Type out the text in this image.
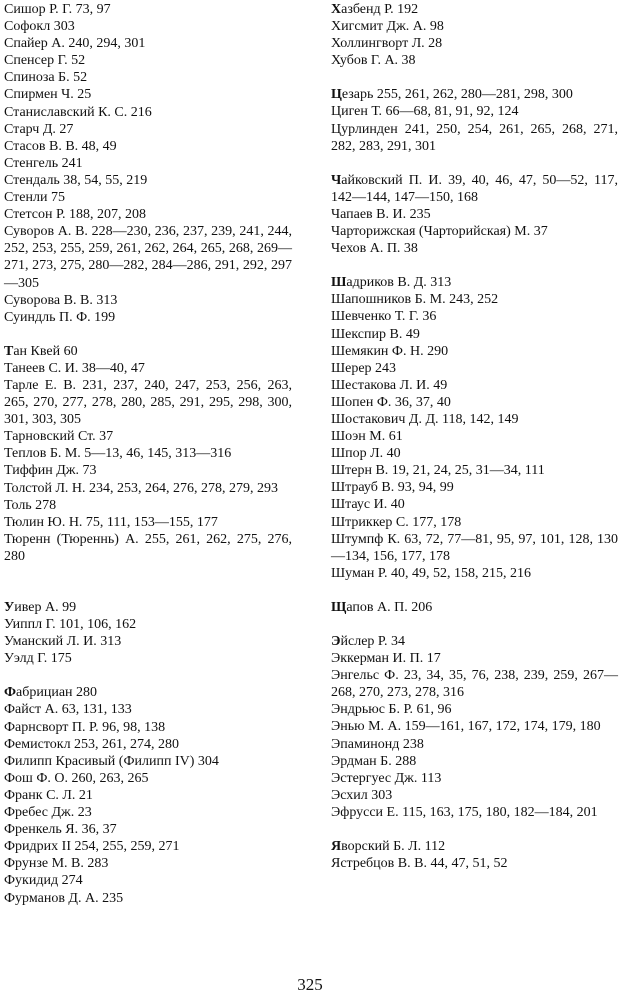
Сишор Р. Г. 73, 97
Софокл 303
Спайер А. 240, 294, 301
Спенсер Г. 52
Спиноза Б. 52
Спирмен Ч. 25
Станиславский К. С. 216
Старч Д. 27
Стасов В. В. 48, 49
Стенгель 241
Стендаль 38, 54, 55, 219
Стенли 75
Стетсон Р. 188, 207, 208
Суворов А. В. 228—230, 236, 237, 239, 241, 244, 252, 253, 255, 259, 261, 262, 264, 265, 268, 269—271, 273, 275, 280—282, 284—286, 291, 292, 297—305
Суворова В. В. 313
Суиндль П. Ф. 199
Тан Квей 60
Танеев С. И. 38—40, 47
Тарле Е. В. 231, 237, 240, 247, 253, 256, 263, 265, 270, 277, 278, 280, 285, 291, 295, 298, 300, 301, 303, 305
Тарновский Ст. 37
Теплов Б. М. 5—13, 46, 145, 313—316
Тиффин Дж. 73
Толстой Л. Н. 234, 253, 264, 276, 278, 279, 293
Толь 278
Тюлин Ю. Н. 75, 111, 153—155, 177
Тюренн (Тюреннь) А. 255, 261, 262, 275, 276, 280
Уивер А. 99
Уиппл Г. 101, 106, 162
Уманский Л. И. 313
Уэлд Г. 175
Фабрициан 280
Файст А. 63, 131, 133
Фарнсворт П. Р. 96, 98, 138
Фемистокл 253, 261, 274, 280
Филипп Красивый (Филипп IV) 304
Фош Ф. О. 260, 263, 265
Франк С. Л. 21
Фребес Дж. 23
Френкель Я. 36, 37
Фридрих II 254, 255, 259, 271
Фрунзе М. В. 283
Фукидид 274
Фурманов Д. А. 235
Хазбенд Р. 192
Хигсмит Дж. А. 98
Холлингворт Л. 28
Хубов Г. А. 38
Цезарь 255, 261, 262, 280—281, 298, 300
Циген Т. 66—68, 81, 91, 92, 124
Цурлинден 241, 250, 254, 261, 265, 268, 271, 282, 283, 291, 301
Чайковский П. И. 39, 40, 46, 47, 50—52, 117, 142—144, 147—150, 168
Чапаев В. И. 235
Чарторижская (Чарторийская) М. 37
Чехов А. П. 38
Шадриков В. Д. 313
Шапошников Б. М. 243, 252
Шевченко Т. Г. 36
Шекспир В. 49
Шемякин Ф. Н. 290
Шерер 243
Шестакова Л. И. 49
Шопен Ф. 36, 37, 40
Шостакович Д. Д. 118, 142, 149
Шоэн М. 61
Шпор Л. 40
Штерн В. 19, 21, 24, 25, 31—34, 111
Штрауб В. 93, 94, 99
Штаус И. 40
Штриккер С. 177, 178
Штумпф К. 63, 72, 77—81, 95, 97, 101, 128, 130—134, 156, 177, 178
Шуман Р. 40, 49, 52, 158, 215, 216
Щапов А. П. 206
Эйслер Р. 34
Эккерман И. П. 17
Энгельс Ф. 23, 34, 35, 76, 238, 239, 259, 267—268, 270, 273, 278, 316
Эндрьюс Б. Р. 61, 96
Энью М. А. 159—161, 167, 172, 174, 179, 180
Эпаминонд 238
Эрдман Б. 288
Эстергуес Дж. 113
Эсхил 303
Эфрусси Е. 115, 163, 175, 180, 182—184, 201
Яворский Б. Л. 112
Ястребцов В. В. 44, 47, 51, 52
325
